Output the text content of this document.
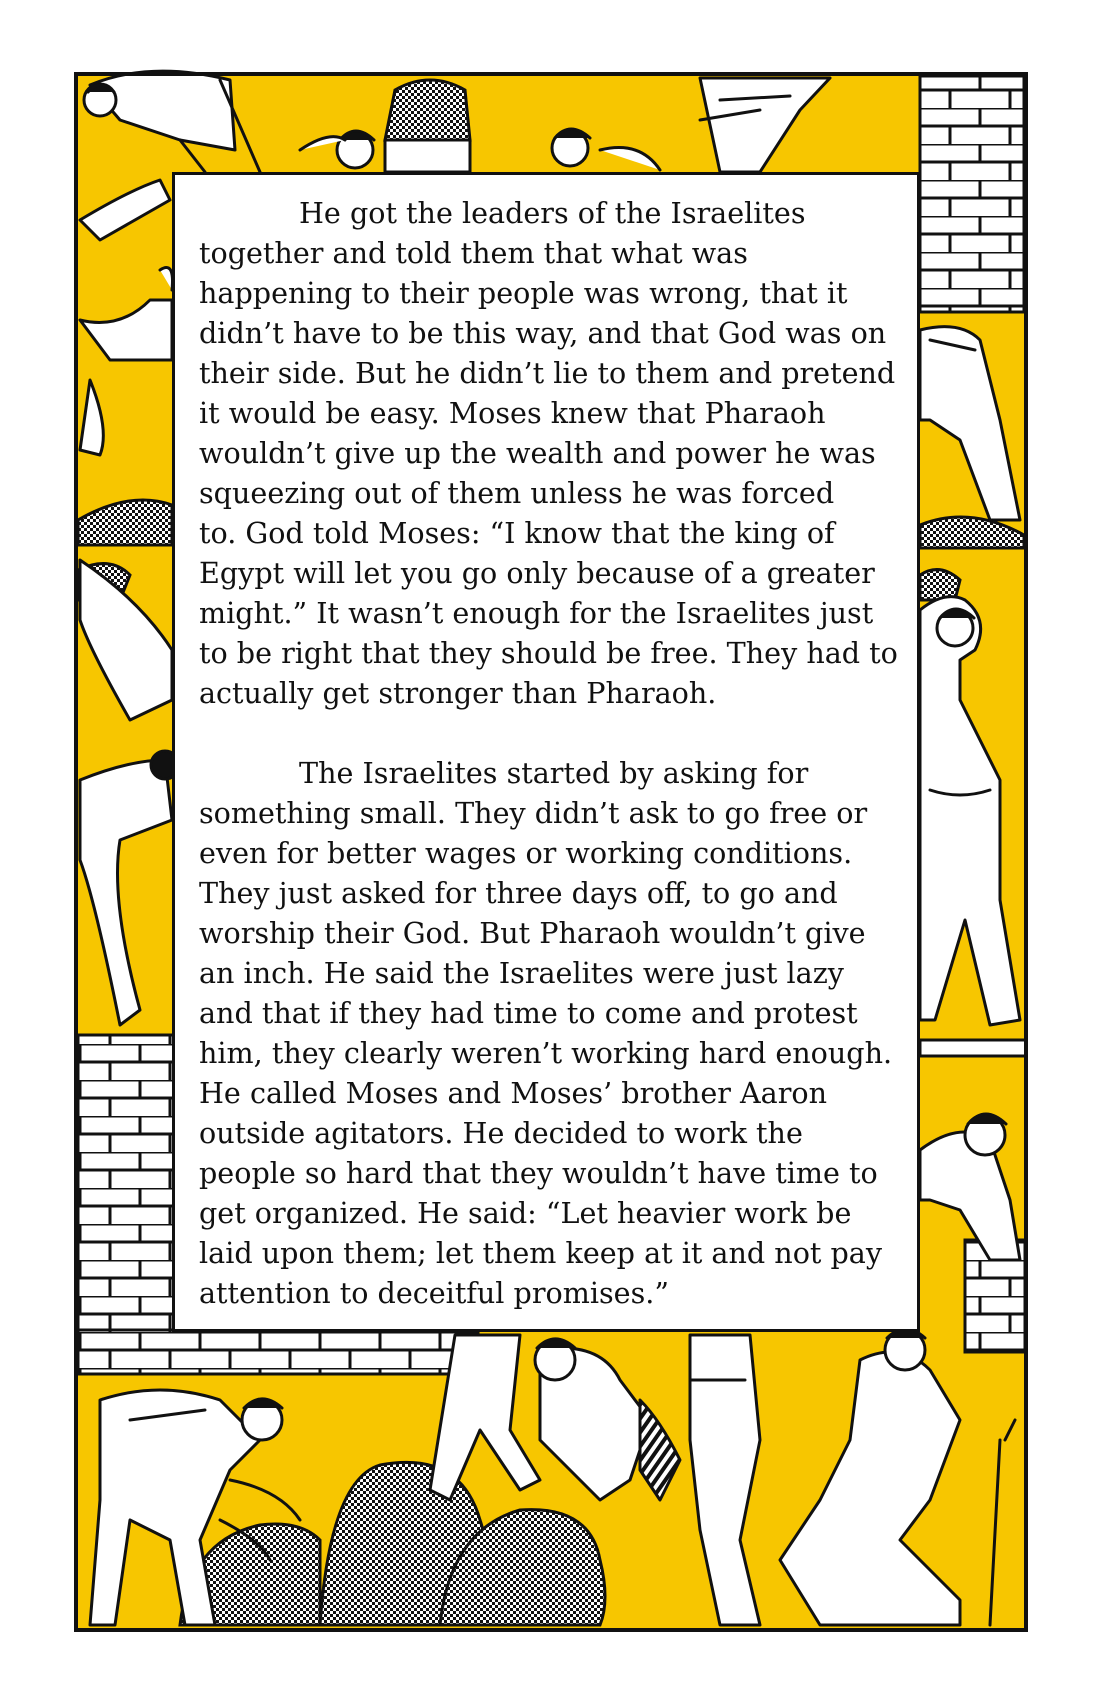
He got the leaders of the Israelites
together and told them that what was
happening to their people was wrong, that it
didn’t have to be this way, and that God was on
their side. But he didn’t lie to them and pretend
it would be easy. Moses knew that Pharaoh
wouldn’t give up the wealth and power he was
squeezing out of them unless he was forced
to. God told Moses: “I know that the king of
Egypt will let you go only because of a greater
might.” It wasn’t enough for the Israelites just
to be right that they should be free. They had to
actually get stronger than Pharaoh.

The Israelites started by asking for
something small. They didn’t ask to go free or
even for better wages or working conditions.
They just asked for three days off, to go and
worship their God. But Pharaoh wouldn’t give
an inch. He said the Israelites were just lazy
and that if they had time to come and protest
him, they clearly weren’t working hard enough.
He called Moses and Moses’ brother Aaron
outside agitators. He decided to work the
people so hard that they wouldn’t have time to
get organized. He said: “Let heavier work be
laid upon them; let them keep at it and not pay
attention to deceitful promises.”
